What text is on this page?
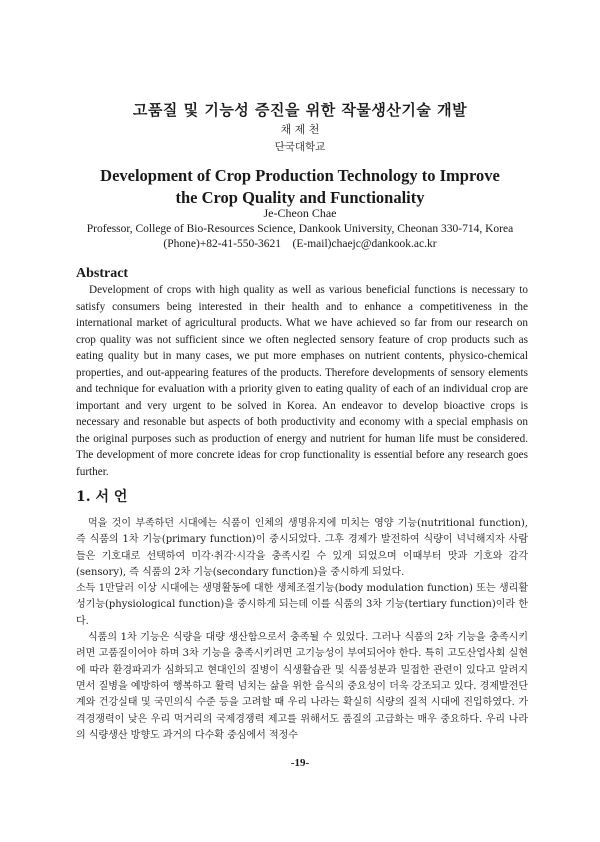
고품질 및 기능성 증진을 위한 작물생산기술 개발
채 제 천
단국대학교
Development of Crop Production Technology to Improve
the Crop Quality and Functionality
Je-Cheon Chae
Professor, College of Bio-Resources Science, Dankook University, Cheonan 330-714, Korea
(Phone)+82-41-550-3621    (E-mail)chaejc@dankook.ac.kr
Abstract
Development of crops with high quality as well as various beneficial functions is necessary to satisfy consumers being interested in their health and to enhance a competitiveness in the international market of agricultural products. What we have achieved so far from our research on crop quality was not sufficient since we often neglected sensory feature of crop products such as eating quality but in many cases, we put more emphases on nutrient contents, physico-chemical properties, and out-appearing features of the products. Therefore developments of sensory elements and technique for evaluation with a priority given to eating quality of each of an individual crop are important and very urgent to be solved in Korea. An endeavor to develop bioactive crops is necessary and resonable but aspects of both productivity and economy with a special emphasis on the original purposes such as production of energy and nutrient for human life must be considered. The development of more concrete ideas for crop functionality is essential before any research goes further.
1. 서 언

먹을 것이 부족하던 시대에는 식품이 인체의 생명유지에 미치는 영양 기능(nutritional function), 즉 식품의 1차 기능(primary function)이 중시되었다. 그후 경제가 발전하여 식량이 넉넉해지자 사람들은 기호대로 선택하여 미각·취각·시각을 충족시킬 수 있게 되었으며 이때부터 맛과 기호와 감각(sensory), 즉 식품의 2차 기능(secondary function)을 중시하게 되었다.

소득 1만달러 이상 시대에는 생명활동에 대한 생체조절기능(body modulation function) 또는 생리활성기능(physiological function)을 중시하게 되는데 이를 식품의 3차 기능(tertiary function)이라 한다.

식품의 1차 기능은 식량을 대량 생산함으로서 충족될 수 있었다. 그러나 식품의 2차 기능을 충족시키려면 고품질이어야 하며 3차 기능을 충족시키려면 고기능성이 부여되어야 한다. 특히 고도산업사회 실현에 따라 환경파괴가 심화되고 현대인의 질병이 식생활습관 및 식품성분과 밀접한 관련이 있다고 알려지면서 질병을 예방하여 행복하고 활력 넘치는 삶을 위한 음식의 중요성이 더욱 강조되고 있다. 경제발전단계와 건강실태 및 국민의식 수준 등을 고려할 때 우리 나라는 확실히 식량의 질적 시대에 진입하였다. 가격경쟁력이 낮은 우리 먹거리의 국제경쟁력 제고를 위해서도 품질의 고급화는 매우 중요하다. 우리 나라의 식량생산 방향도 과거의 다수확 중심에서 적정수

-19-
